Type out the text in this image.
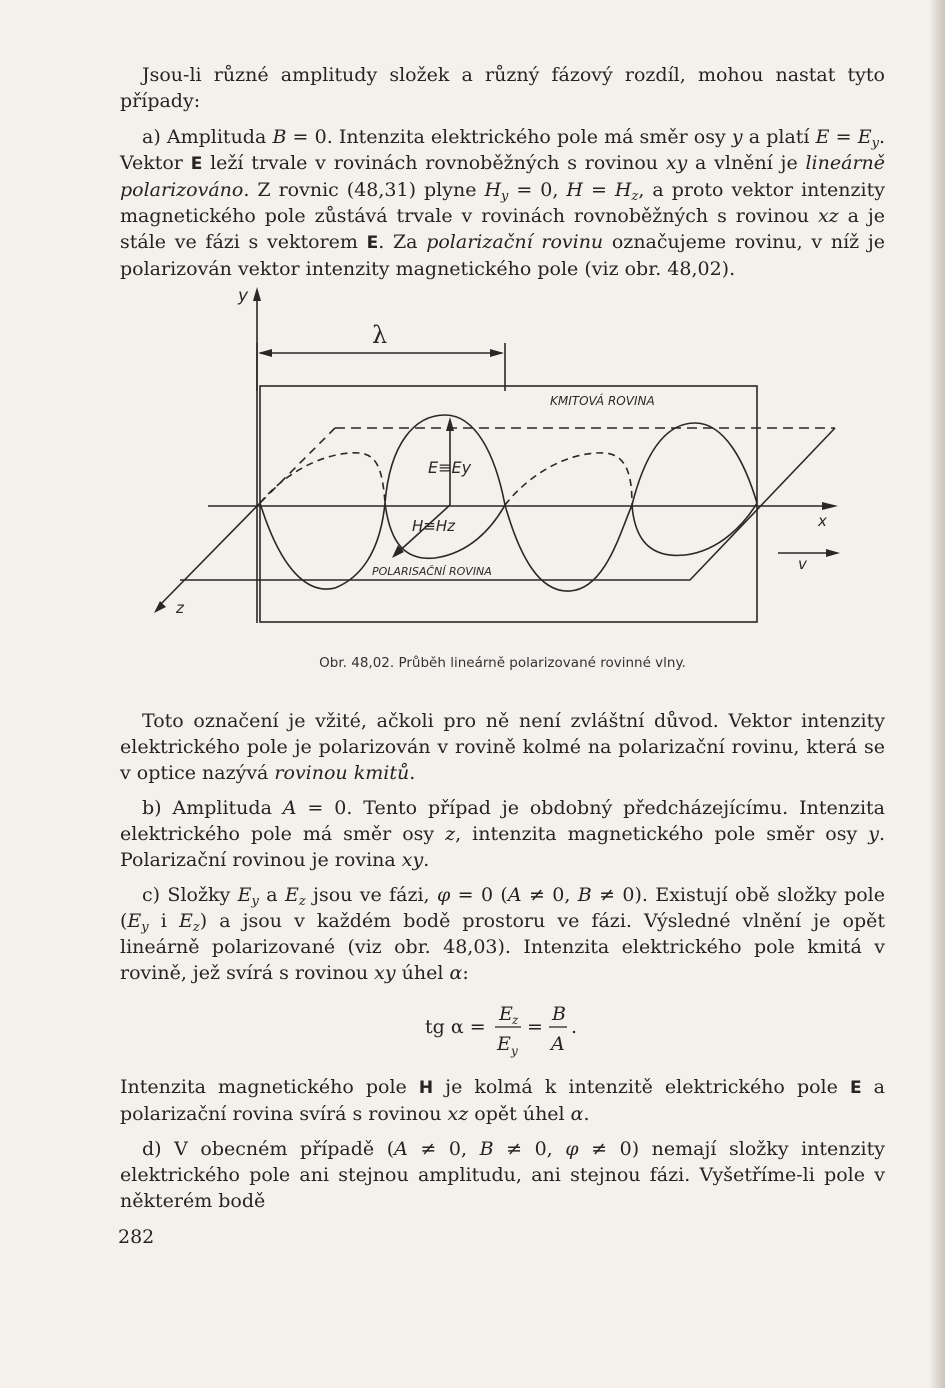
Jsou-li různé amplitudy složek a různý fázový rozdíl, mohou nastat tyto případy:

a) Amplituda B = 0. Intenzita elektrického pole má směr osy y a platí $E = E_y$. Vektor E leží trvale v rovinách rovnoběžných s rovinou xy a vlnění je lineárně polarizováno. Z rovnic (48,31) plyne $H_y = 0$, $H = H_z$, a proto vektor intenzity magnetického pole zůstává trvale v rovinách rovnoběžných s rovinou xz a je stále ve fázi s vektorem E. Za polarizační rovinu označujeme rovinu, v níž je polarizován vektor intenzity magnetického pole (viz obr. 48,02).

y
λ
KMITOVÁ ROVINA
E≡Ey
H≡Hz
POLARISAČNÍ ROVINA
x
v
z
Obr. 48,02. Průběh lineárně polarizované rovinné vlny.

Toto označení je vžité, ačkoli pro ně není zvláštní důvod. Vektor intenzity elektrického pole je polarizován v rovině kolmé na polarizační rovinu, která se v optice nazývá rovinou kmitů.

b) Amplituda A = 0. Tento případ je obdobný předcházejícímu. Intenzita elektrického pole má směr osy z, intenzita magnetického pole směr osy y. Polarizační rovinou je rovina xy.

c) Složky $E_y$ a $E_z$ jsou ve fázi, φ = 0 (A ≠ 0, B ≠ 0). Existují obě složky pole ($E_y$ i $E_z$) a jsou v každém bodě prostoru ve fázi. Výsledné vlnění je opět lineárně polarizované (viz obr. 48,03). Intenzita elektrického pole kmitá v rovině, jež svírá s rovinou xy úhel α:

tg α =
E z
E y
=
B
A
.

Intenzita magnetického pole H je kolmá k intenzitě elektrického pole E a polarizační rovina svírá s rovinou xz opět úhel α.

d) V obecném případě (A ≠ 0, B ≠ 0, φ ≠ 0) nemají složky intenzity elektrického pole ani stejnou amplitudu, ani stejnou fázi. Vyšetříme-li pole v některém bodě

282
